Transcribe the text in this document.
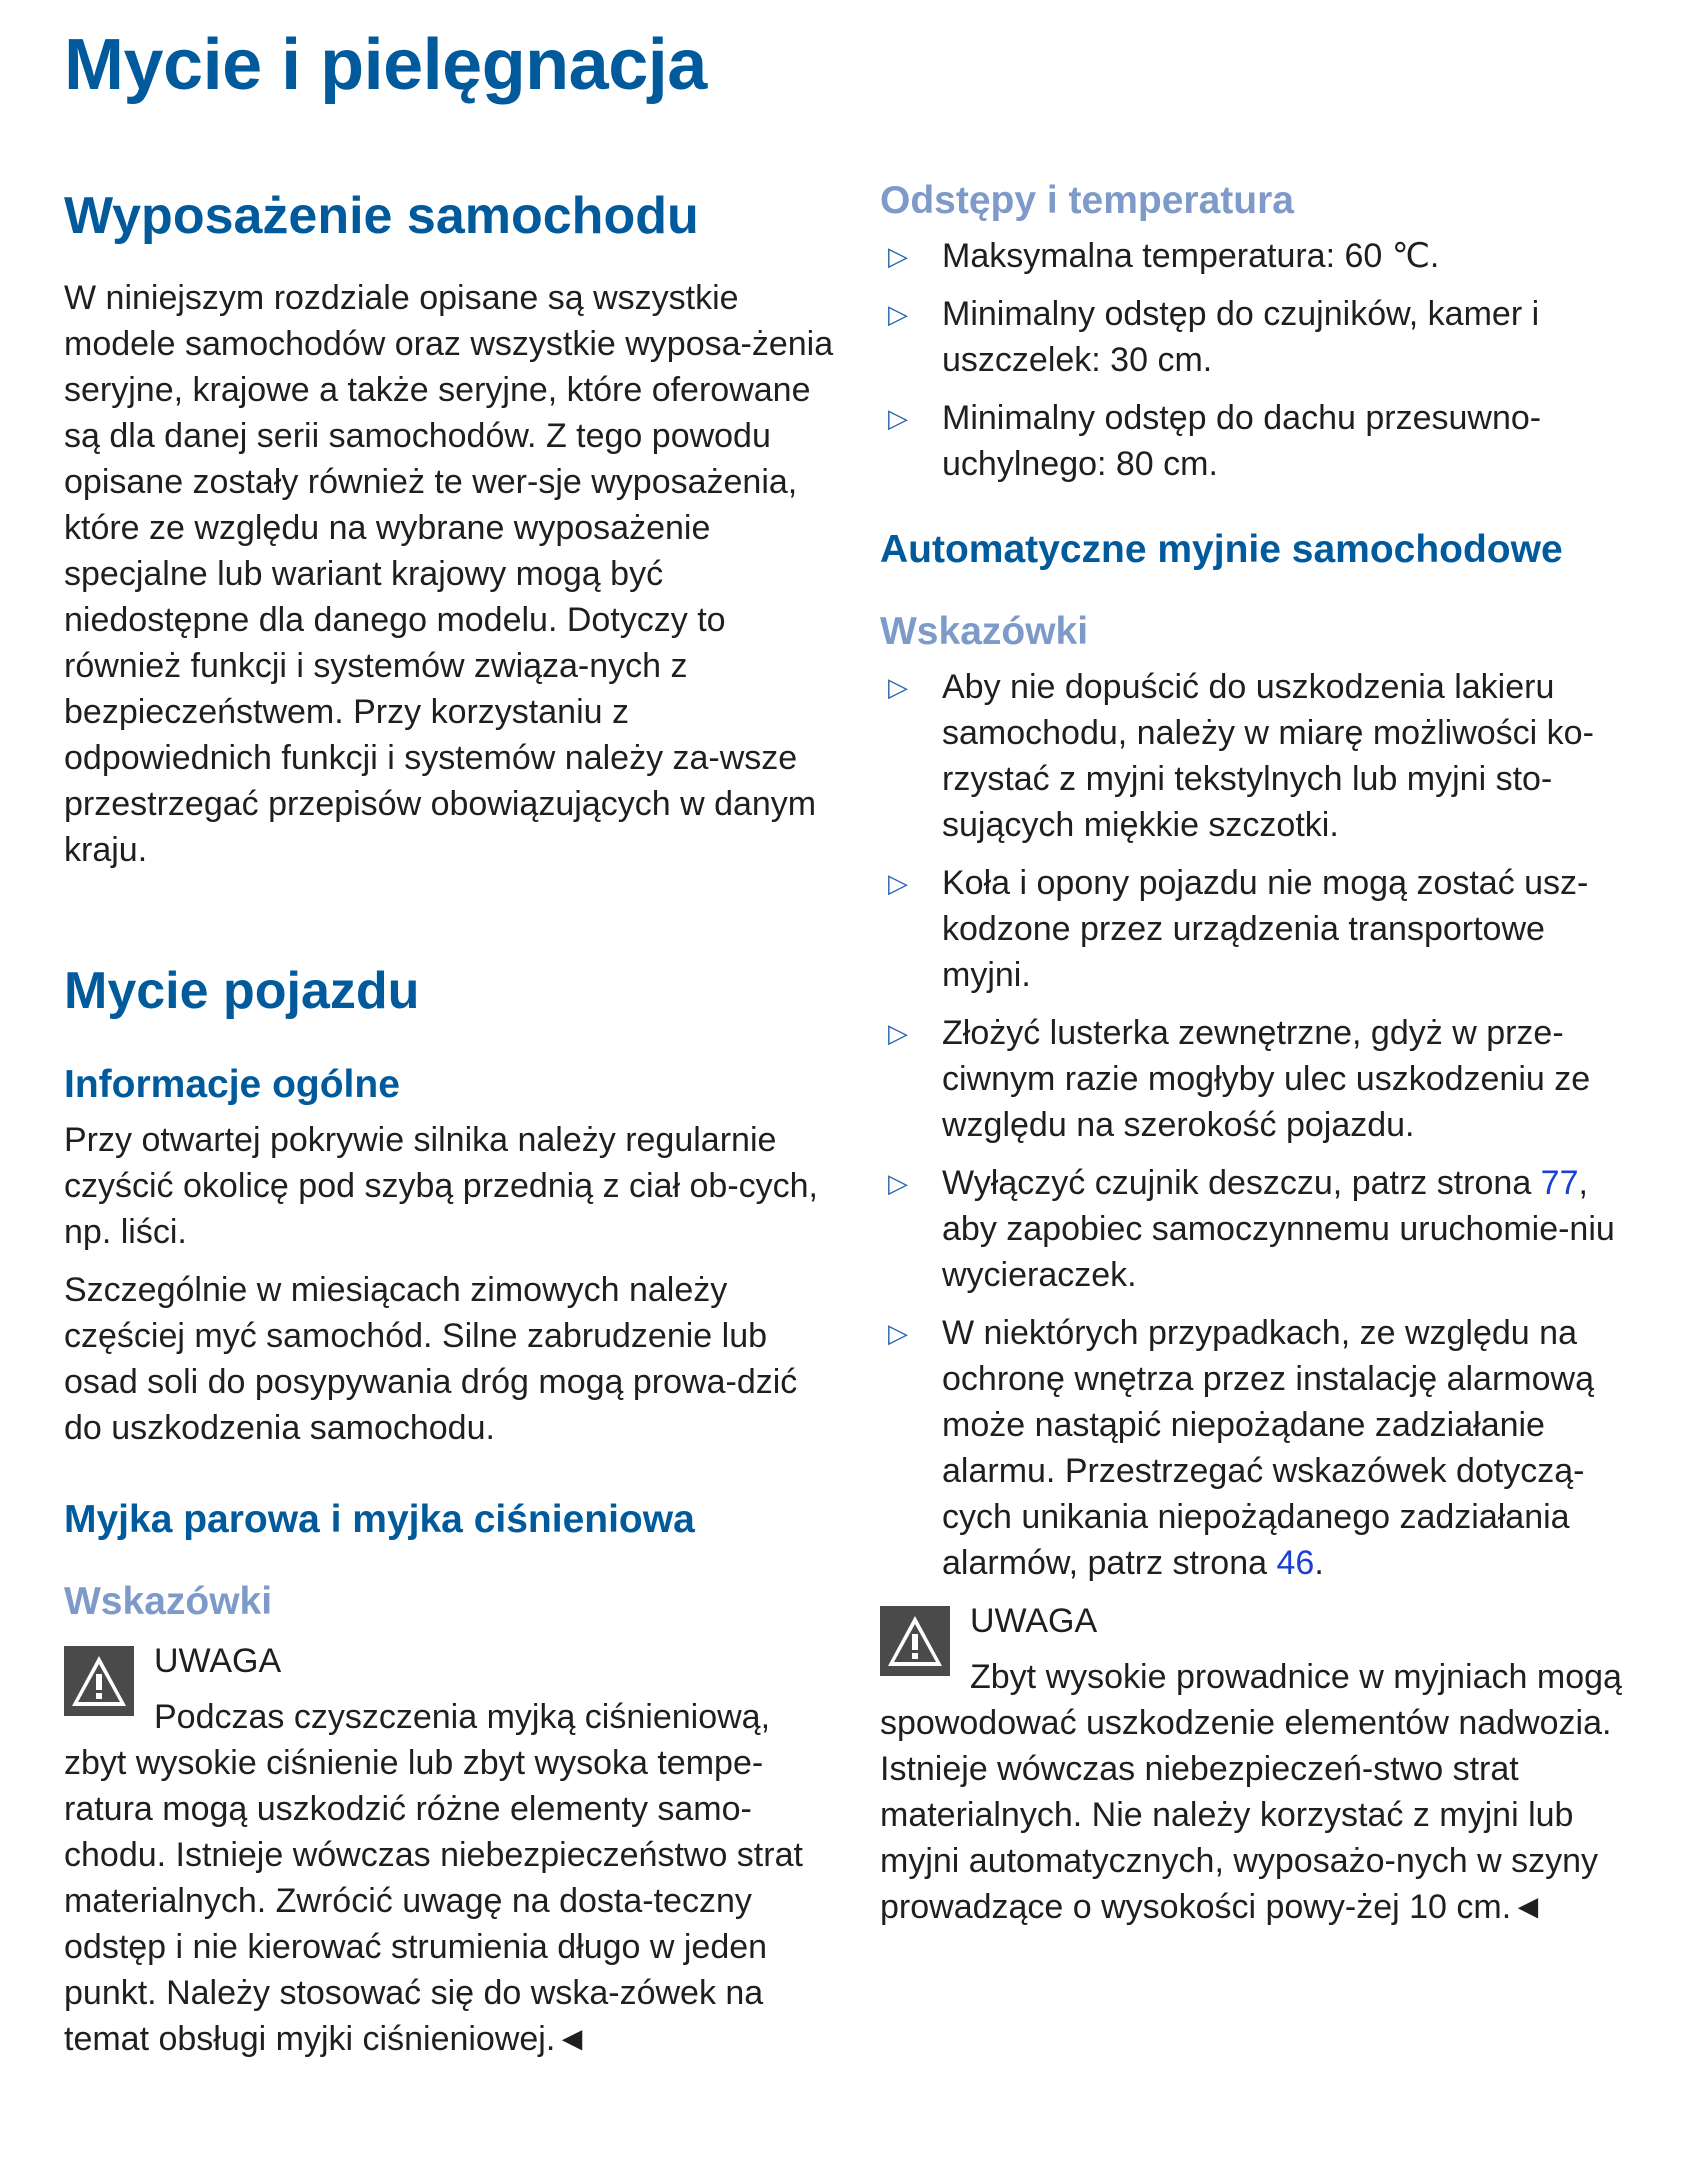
Mycie i pielęgnacja
Wyposażenie samochodu

W niniejszym rozdziale opisane są wszystkie modele samochodów oraz wszystkie wyposa-żenia seryjne, krajowe a także seryjne, które oferowane są dla danej serii samochodów. Z tego powodu opisane zostały również te wer-sje wyposażenia, które ze względu na wybrane wyposażenie specjalne lub wariant krajowy mogą być niedostępne dla danego modelu. Dotyczy to również funkcji i systemów związa-nych z bezpieczeństwem. Przy korzystaniu z odpowiednich funkcji i systemów należy za-wsze przestrzegać przepisów obowiązujących w danym kraju.

Mycie pojazdu
Informacje ogólne

Przy otwartej pokrywie silnika należy regularnie czyścić okolicę pod szybą przednią z ciał ob-cych, np. liści.

Szczególnie w miesiącach zimowych należy częściej myć samochód. Silne zabrudzenie lub osad soli do posypywania dróg mogą prowa-dzić do uszkodzenia samochodu.

Myjka parowa i myjka ciśnieniowa
Wskazówki
UWAGA

Podczas czyszczenia myjką ciśnieniową, zbyt wysokie ciśnienie lub zbyt wysoka tempe-ratura mogą uszkodzić różne elementy samo-chodu. Istnieje wówczas niebezpieczeństwo strat materialnych. Zwrócić uwagę na dosta-teczny odstęp i nie kierować strumienia długo w jeden punkt. Należy stosować się do wska-zówek na temat obsługi myjki ciśnieniowej.◄

Odstępy i temperatura
▷	Maksymalna temperatura: 60 ℃.
▷	Minimalny odstęp do czujników, kamer i uszczelek: 30 cm.
▷	Minimalny odstęp do dachu przesuwno-uchylnego: 80 cm.
Automatyczne myjnie samochodowe
Wskazówki
▷	Aby nie dopuścić do uszkodzenia lakieru samochodu, należy w miarę możliwości ko-rzystać z myjni tekstylnych lub myjni sto-sujących miękkie szczotki.
▷	Koła i opony pojazdu nie mogą zostać usz-kodzone przez urządzenia transportowe myjni.
▷	Złożyć lusterka zewnętrzne, gdyż w prze-ciwnym razie mogłyby ulec uszkodzeniu ze względu na szerokość pojazdu.
▷	Wyłączyć czujnik deszczu, patrz strona 77, aby zapobiec samoczynnemu uruchomie-niu wycieraczek.
▷	W niektórych przypadkach, ze względu na ochronę wnętrza przez instalację alarmową może nastąpić niepożądane zadziałanie alarmu. Przestrzegać wskazówek dotyczą-cych unikania niepożądanego zadziałania alarmów, patrz strona 46.
UWAGA

Zbyt wysokie prowadnice w myjniach mogą spowodować uszkodzenie elementów nadwozia. Istnieje wówczas niebezpieczeń-stwo strat materialnych. Nie należy korzystać z myjni lub myjni automatycznych, wyposażo-nych w szyny prowadzące o wysokości powy-żej 10 cm.◄
